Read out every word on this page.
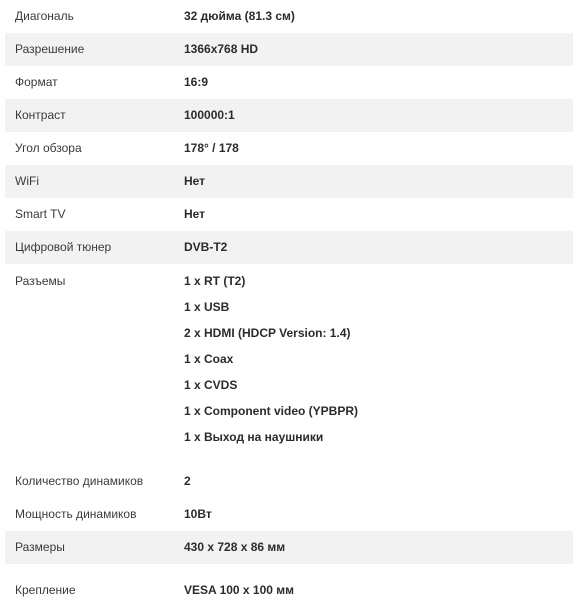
Диагональ	32 дюйма (81.3 см)
Разрешение	1366x768 HD
Формат	16:9
Контраст	100000:1
Угол обзора	178° / 178
WiFi	Нет
Smart TV	Нет
Цифровой тюнер	DVB-T2
Разъемы	1 x RT (T2)
1 x USB
2 x HDMI (HDCP Version: 1.4)
1 x Coax
1 x CVDS
1 x Component video (YPBPR)
1 x Выход на наушники
Количество динамиков	2
Мощность динамиков	10Вт
Размеры	430 x 728 x 86 мм
Крепление	VESA 100 x 100 мм
